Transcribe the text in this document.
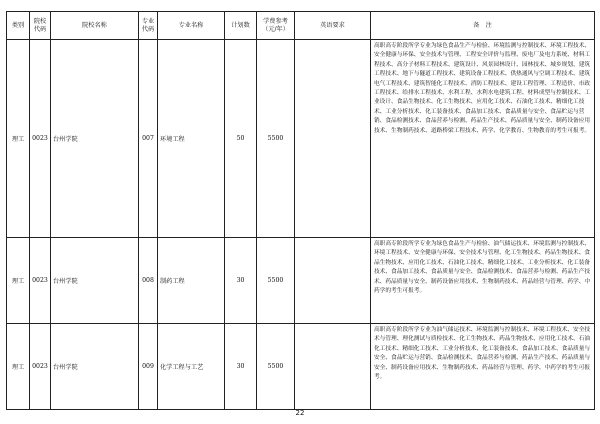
类别	院校代码	院校名称	专业代码	专业名称	计划数	学费参考（元/年）	英语要求	备　注
理工	0023	台州学院	007	环境工程	50	5500		高职高专阶段所学专业为绿色食品生产与检验、环境监测与控制技术、环境工程技术、安全健康与环保、安全技术与管理、工程安全评价与监理、废电厂及电力系统、材料工程技术、高分子材料工程技术、建筑设计、风景园林设计、园林技术、城乡规划、建筑工程技术、地下与隧道工程技术、建筑设备工程技术、供热通风与空调工程技术、建筑电气工程技术、建筑智能化工程技术、消防工程技术、建设工程管理、工程造价、市政工程技术、给排水工程技术、水利工程、水利水电建筑工程、材料成型与控制技术、工业设计、食品生物技术、化工生物技术、应用化工技术、石油化工技术、精细化工技术、工业分析技术、化工装备技术、食品加工技术、食品质量与安全、食品贮运与营销、食品检测技术、食品营养与检测、药品生产技术、药品质量与安全、制药设备应用技术、生物制药技术、道路桥梁工程技术、药学、化学教育、生物教育的考生可报考。
理工	0023	台州学院	008	制药工程	30	5500		高职高专阶段所学专业为绿色食品生产与检验、油气储运技术、环境监测与控制技术、环境工程技术、安全健康与环保、安全技术与管理、化工生物技术、药品生物技术、食品生物技术、应用化工技术、石油化工技术、精细化工技术、工业分析技术、化工装备技术、食品加工技术、食品质量与安全、食品检测技术、食品营养与检测、药品生产技术、药品质量与安全、制药设备应用技术、生物制药技术、药品经营与管理、药学、中药学的考生可报考。
理工	0023	台州学院	009	化学工程与工艺	30	5500		高职高专阶段所学专业为油气储运技术、环境监测与控制技术、环境工程技术、安全技术与管理、理化测试与质检技术、化工生物技术、药品生物技术、应用化工技术、石油化工技术、精细化工技术、工业分析技术、化工装备技术、食品加工技术、食品质量与安全、食品贮运与营销、食品检测技术、食品营养与检测、药品生产技术、药品质量与安全、制药设备应用技术、生物制药技术、药品经营与管理、药学、中药学的考生可报考。
22
